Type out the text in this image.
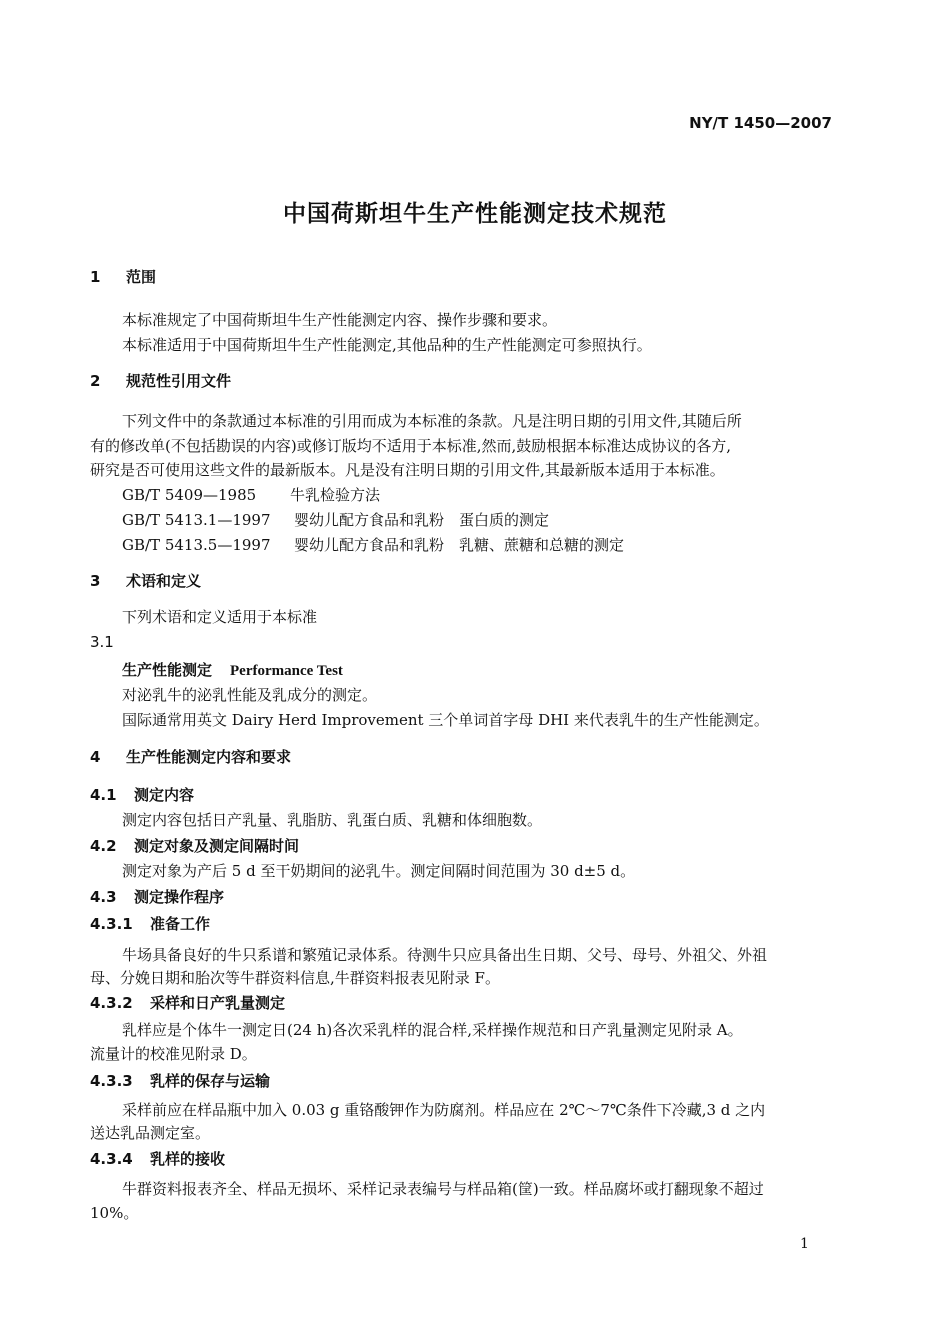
NY/T 1450—2007
中国荷斯坦牛生产性能测定技术规范
1 范围
本标准规定了中国荷斯坦牛生产性能测定内容、操作步骤和要求。
本标准适用于中国荷斯坦牛生产性能测定,其他品种的生产性能测定可参照执行。
2 规范性引用文件
下列文件中的条款通过本标准的引用而成为本标准的条款。凡是注明日期的引用文件,其随后所
有的修改单(不包括勘误的内容)或修订版均不适用于本标准,然而,鼓励根据本标准达成协议的各方,
研究是否可使用这些文件的最新版本。凡是没有注明日期的引用文件,其最新版本适用于本标准。
GB/T 5409—1985 牛乳检验方法
GB/T 5413.1—1997 婴幼儿配方食品和乳粉　蛋白质的测定
GB/T 5413.5—1997 婴幼儿配方食品和乳粉　乳糖、蔗糖和总糖的测定
3 术语和定义
下列术语和定义适用于本标准
3.1
生产性能测定 Performance Test
对泌乳牛的泌乳性能及乳成分的测定。
国际通常用英文 Dairy Herd Improvement 三个单词首字母 DHI 来代表乳牛的生产性能测定。
4 生产性能测定内容和要求
4.1 测定内容
测定内容包括日产乳量、乳脂肪、乳蛋白质、乳糖和体细胞数。
4.2 测定对象及测定间隔时间
测定对象为产后 5 d 至干奶期间的泌乳牛。测定间隔时间范围为 30 d±5 d。
4.3 测定操作程序
4.3.1 准备工作
牛场具备良好的牛只系谱和繁殖记录体系。待测牛只应具备出生日期、父号、母号、外祖父、外祖
母、分娩日期和胎次等牛群资料信息,牛群资料报表见附录 F。
4.3.2 采样和日产乳量测定
乳样应是个体牛一测定日(24 h)各次采乳样的混合样,采样操作规范和日产乳量测定见附录 A。
流量计的校准见附录 D。
4.3.3 乳样的保存与运输
采样前应在样品瓶中加入 0.03 g 重铬酸钾作为防腐剂。样品应在 2℃～7℃条件下冷藏,3 d 之内
送达乳品测定室。
4.3.4 乳样的接收
牛群资料报表齐全、样品无损坏、采样记录表编号与样品箱(筐)一致。样品腐坏或打翻现象不超过
10%。
1
